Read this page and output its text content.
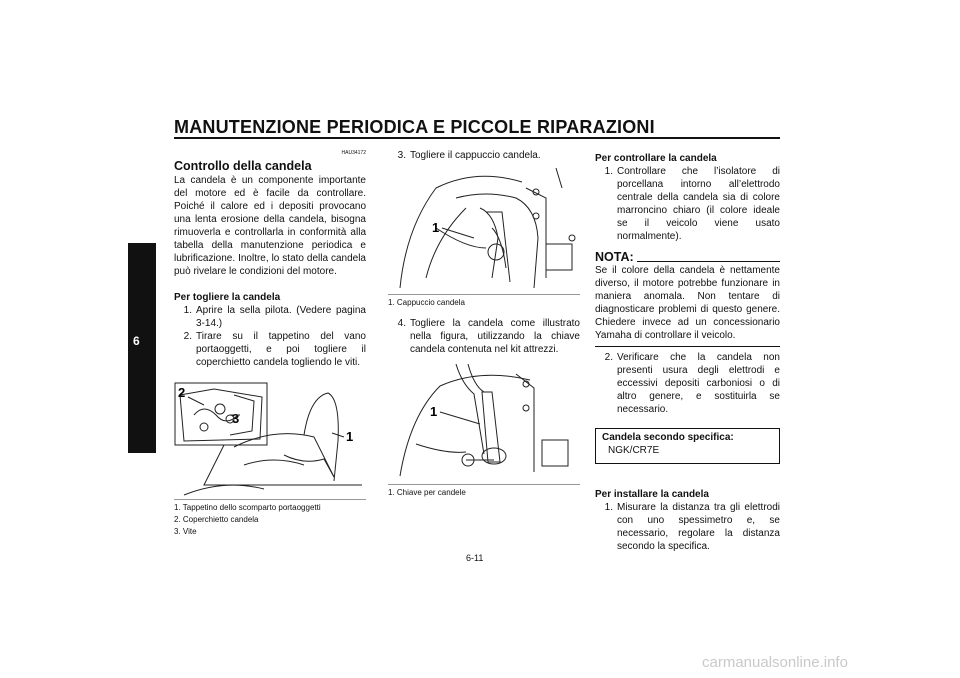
MANUTENZIONE PERIODICA E PICCOLE RIPARAZIONI
6
HAU34172
Controllo della candela

La candela è un componente importante del motore ed è facile da controllare. Poiché il calore ed i depositi provocano una lenta erosione della candela, bisogna rimuoverla e controllarla in conformità alla tabella della manutenzione periodica e lubrificazione. Inoltre, lo stato della candela può rivelare le condizioni del motore.

Per togliere la candela
1. Aprire la sella pilota. (Vedere pagina 3-14.)
2. Tirare su il tappetino del vano portaoggetti, e poi togliere il coperchietto candela togliendo le viti.
2
3
1
1. Tappetino dello scomparto portaoggetti
2. Coperchietto candela
3. Vite
3. Togliere il cappuccio candela.
1
1. Cappuccio candela
4. Togliere la candela come illustrato nella figura, utilizzando la chiave candela contenuta nel kit attrezzi.
1
1. Chiave per candele
Per controllare la candela
1. Controllare che l’isolatore di porcellana intorno all’elettrodo centrale della candela sia di colore marroncino chiaro (il colore ideale se il veicolo viene usato normalmente).
NOTA:

Se il colore della candela è nettamente diverso, il motore potrebbe funzionare in maniera anomala. Non tentare di diagnosticare problemi di questo genere. Chiedere invece ad un concessionario Yamaha di controllare il veicolo.

2. Verificare che la candela non presenti usura degli elettrodi e eccessivi depositi carboniosi o di altro genere, e sostituirla se necessario.
Candela secondo specifica:
NGK/CR7E
Per installare la candela
1. Misurare la distanza tra gli elettrodi con uno spessimetro e, se necessario, regolare la distanza secondo la specifica.
6-11
carmanualsonline.info
